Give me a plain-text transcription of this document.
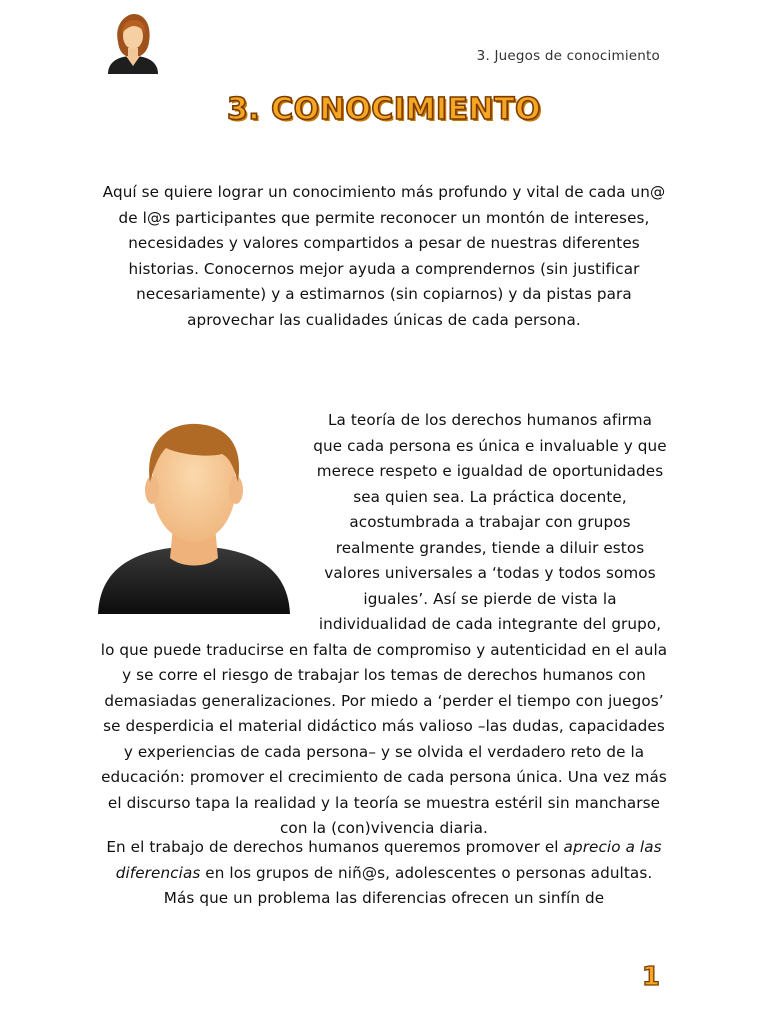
3. Juegos de conocimiento
3. CONOCIMIENTO

Aquí se quiere lograr un conocimiento más profundo y vital de cada un@ de l@s participantes que permite reconocer un montón de intereses, necesidades y valores compartidos a pesar de nuestras diferentes historias. Conocernos mejor ayuda a comprendernos (sin justificar necesariamente) y a estimarnos (sin copiarnos) y da pistas para aprovechar las cualidades únicas de cada persona.

La teoría de los derechos humanos afirma que cada persona es única e invaluable y que merece respeto e igualdad de oportunidades sea quien sea. La práctica docente, acostumbrada a trabajar con grupos realmente grandes, tiende a diluir estos valores universales a ‘todas y todos somos iguales’. Así se pierde de vista la individualidad de cada integrante del grupo, lo que puede traducirse en falta de compromiso y autenticidad en el aula y se corre el riesgo de trabajar los temas de derechos humanos con demasiadas generalizaciones. Por miedo a ‘perder el tiempo con juegos’ se desperdicia el material didáctico más valioso –las dudas, capacidades y experiencias de cada persona– y se olvida el verdadero reto de la educación: promover el crecimiento de cada persona única. Una vez más el discurso tapa la realidad y la teoría se muestra estéril sin mancharse con la (con)vivencia diaria.

En el trabajo de derechos humanos queremos promover el aprecio a las diferencias en los grupos de niñ@s, adolescentes o personas adultas. Más que un problema las diferencias ofrecen un sinfín de

1
